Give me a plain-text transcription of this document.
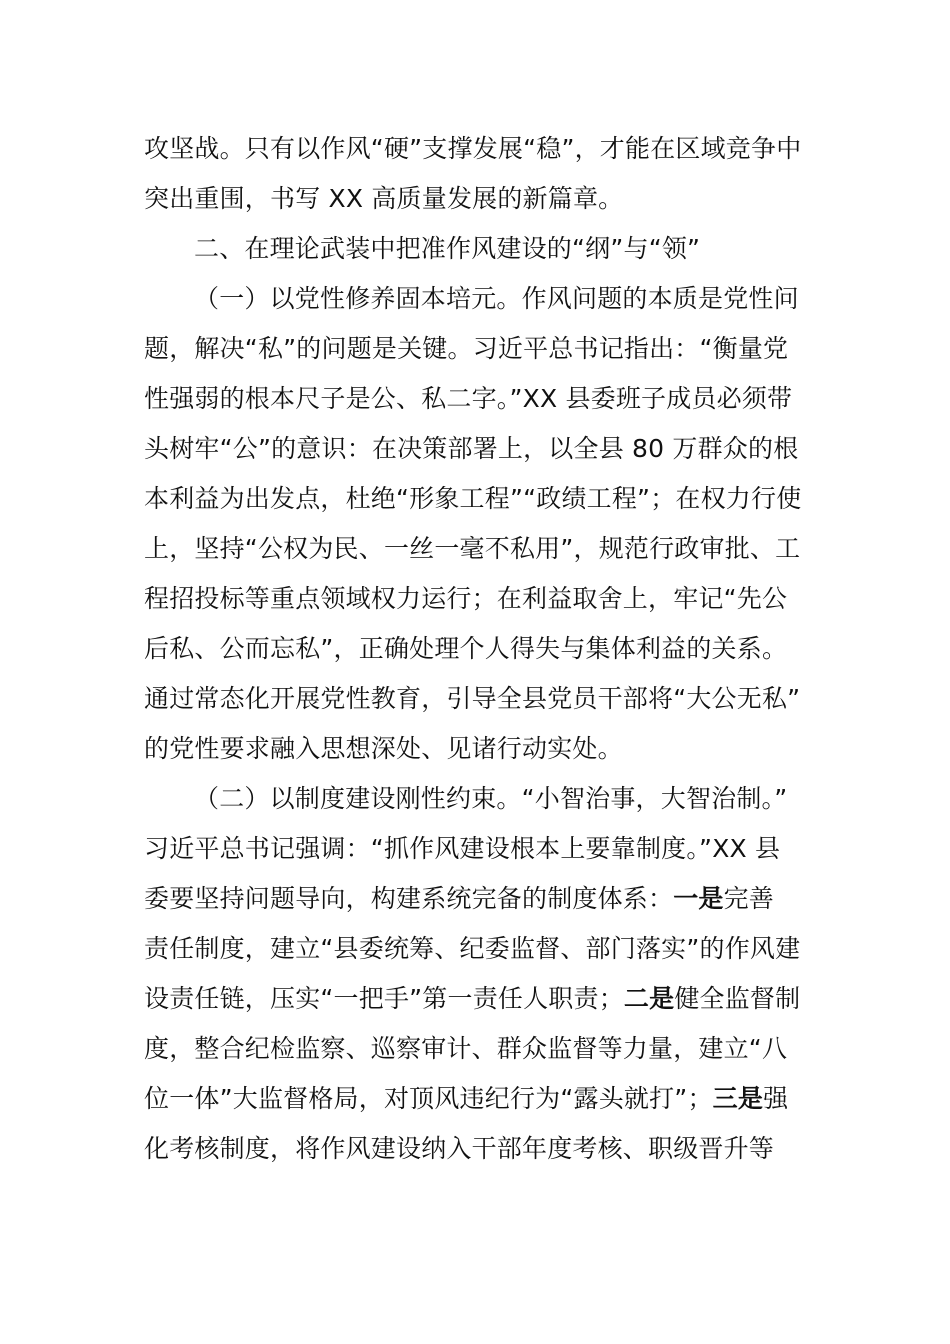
攻坚战。只有以作风“硬”支撑发展“稳”，才能在区域竞争中
突出重围，书写 XX 高质量发展的新篇章。
二、在理论武装中把准作风建设的“纲”与“领”
（一）以党性修养固本培元。作风问题的本质是党性问
题，解决“私”的问题是关键。习近平总书记指出：“衡量党
性强弱的根本尺子是公、私二字。”XX 县委班子成员必须带
头树牢“公”的意识：在决策部署上，以全县 80 万群众的根
本利益为出发点，杜绝“形象工程”“政绩工程”；在权力行使
上，坚持“公权为民、一丝一毫不私用”，规范行政审批、工
程招投标等重点领域权力运行；在利益取舍上，牢记“先公
后私、公而忘私”，正确处理个人得失与集体利益的关系。
通过常态化开展党性教育，引导全县党员干部将“大公无私”
的党性要求融入思想深处、见诸行动实处。
（二）以制度建设刚性约束。“小智治事，大智治制。”
习近平总书记强调：“抓作风建设根本上要靠制度。”XX 县
委要坚持问题导向，构建系统完备的制度体系：一是完善
责任制度，建立“县委统筹、纪委监督、部门落实”的作风建
设责任链，压实“一把手”第一责任人职责；二是健全监督制
度，整合纪检监察、巡察审计、群众监督等力量，建立“八
位一体”大监督格局，对顶风违纪行为“露头就打”；三是强
化考核制度，将作风建设纳入干部年度考核、职级晋升等
